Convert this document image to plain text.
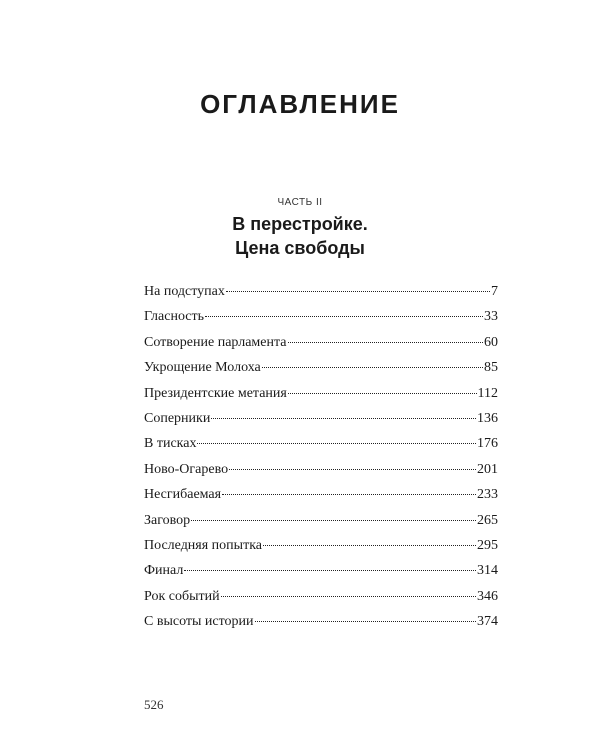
ОГЛАВЛЕНИЕ
ЧАСТЬ II
В перестройке.
Цена свободы
На подступах	7
Гласность	33
Сотворение парламента	60
Укрощение Молоха	85
Президентские метания	112
Соперники	136
В тисках	176
Ново-Огарево	201
Несгибаемая	233
Заговор	265
Последняя попытка	295
Финал	314
Рок событий	346
С высоты истории	374
526
